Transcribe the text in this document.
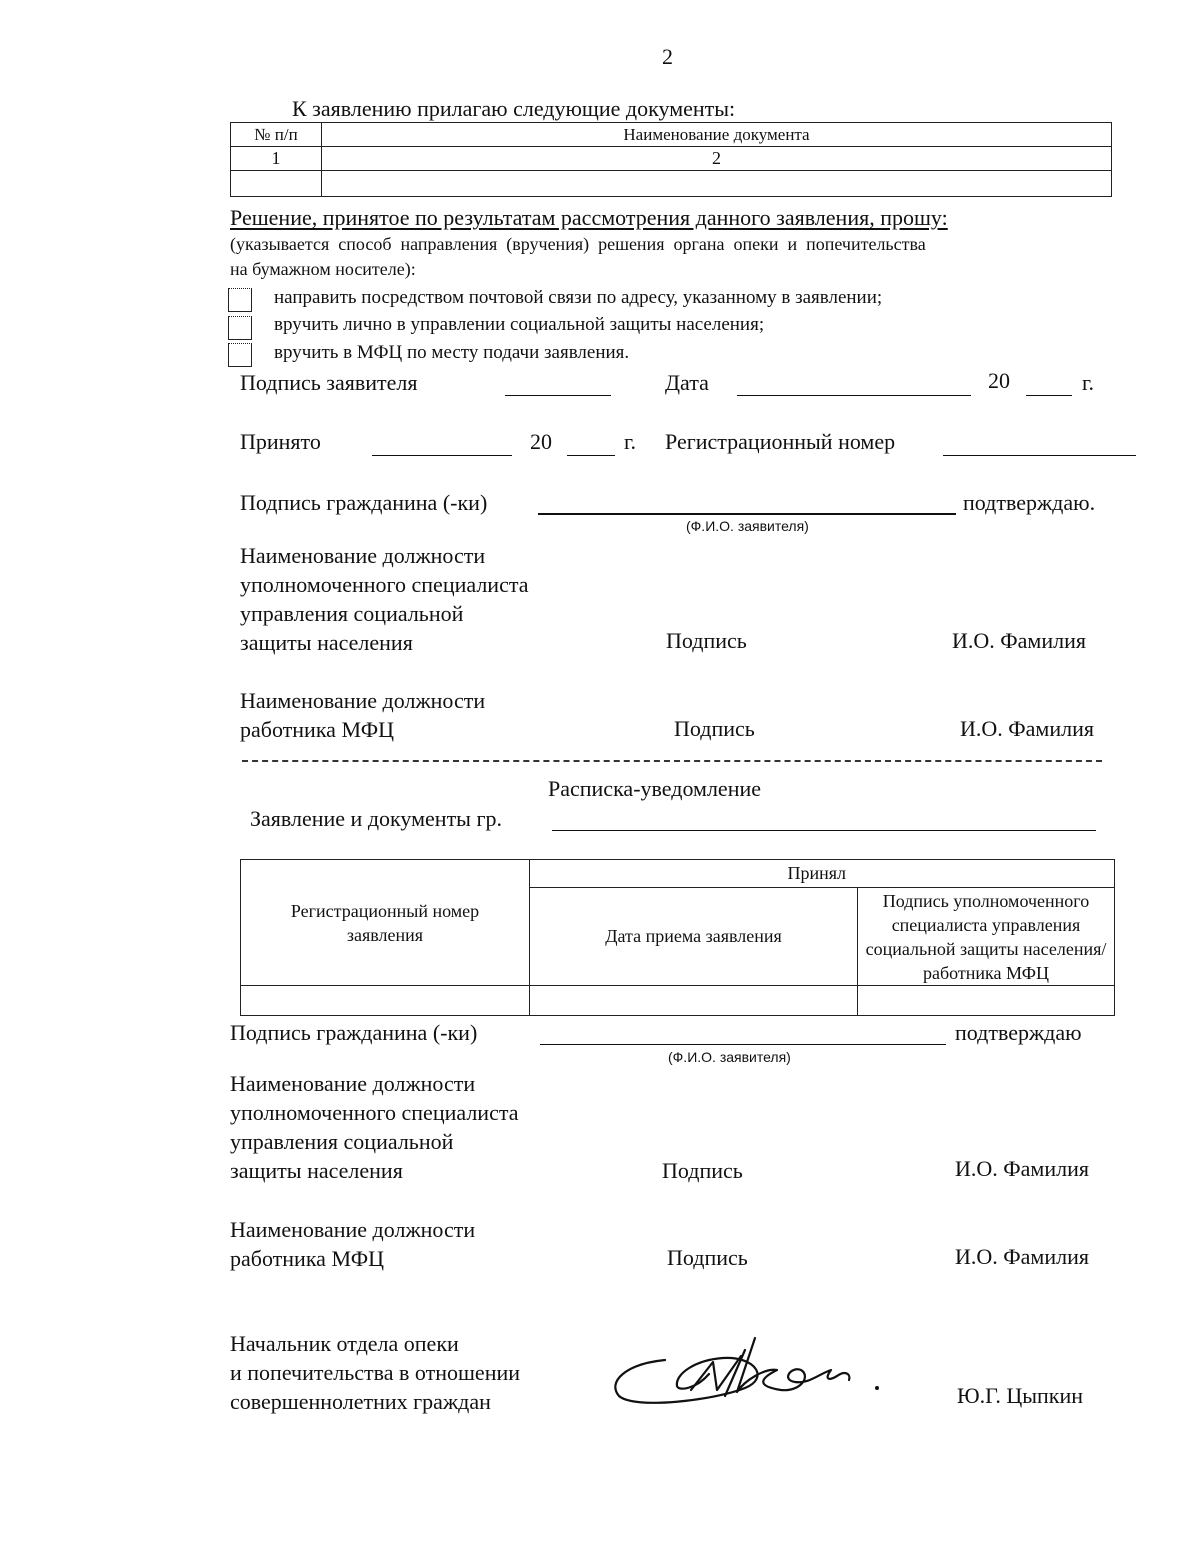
2
К заявлению прилагаю следующие документы:
№ п/п	Наименование документа
1	2

Решение, принятое по результатам рассмотрения данного заявления, прошу:
(указывается  способ  направления  (вручения)  решения  органа  опеки  и  попечительства
на бумажном носителе):
направить посредством почтовой связи по адресу, указанному в заявлении;
вручить лично в управлении социальной защиты населения;
вручить в МФЦ по месту подачи заявления.
Подпись заявителя	Дата	20	г.
Принято	20	г. Регистрационный номер
Подпись гражданина (-ки)	подтверждаю.
(Ф.И.О. заявителя)
Наименование должности
уполномоченного специалиста
управления социальной
защиты населения	Подпись	И.О. Фамилия
Наименование должности
работника МФЦ	Подпись	И.О. Фамилия
Расписка-уведомление
Заявление и документы гр.
Регистрационный номер заявления	Принял	
	Дата приема заявления	Подпись уполномоченного специалиста управления социальной защиты населения/работника МФЦ

Подпись гражданина (-ки)	подтверждаю
(Ф.И.О. заявителя)
Наименование должности
уполномоченного специалиста
управления социальной
защиты населения	Подпись	И.О. Фамилия
Наименование должности
работника МФЦ	Подпись	И.О. Фамилия
Начальник отдела опеки
и попечительства в отношении
совершеннолетних граждан	Ю.Г. Цыпкин
